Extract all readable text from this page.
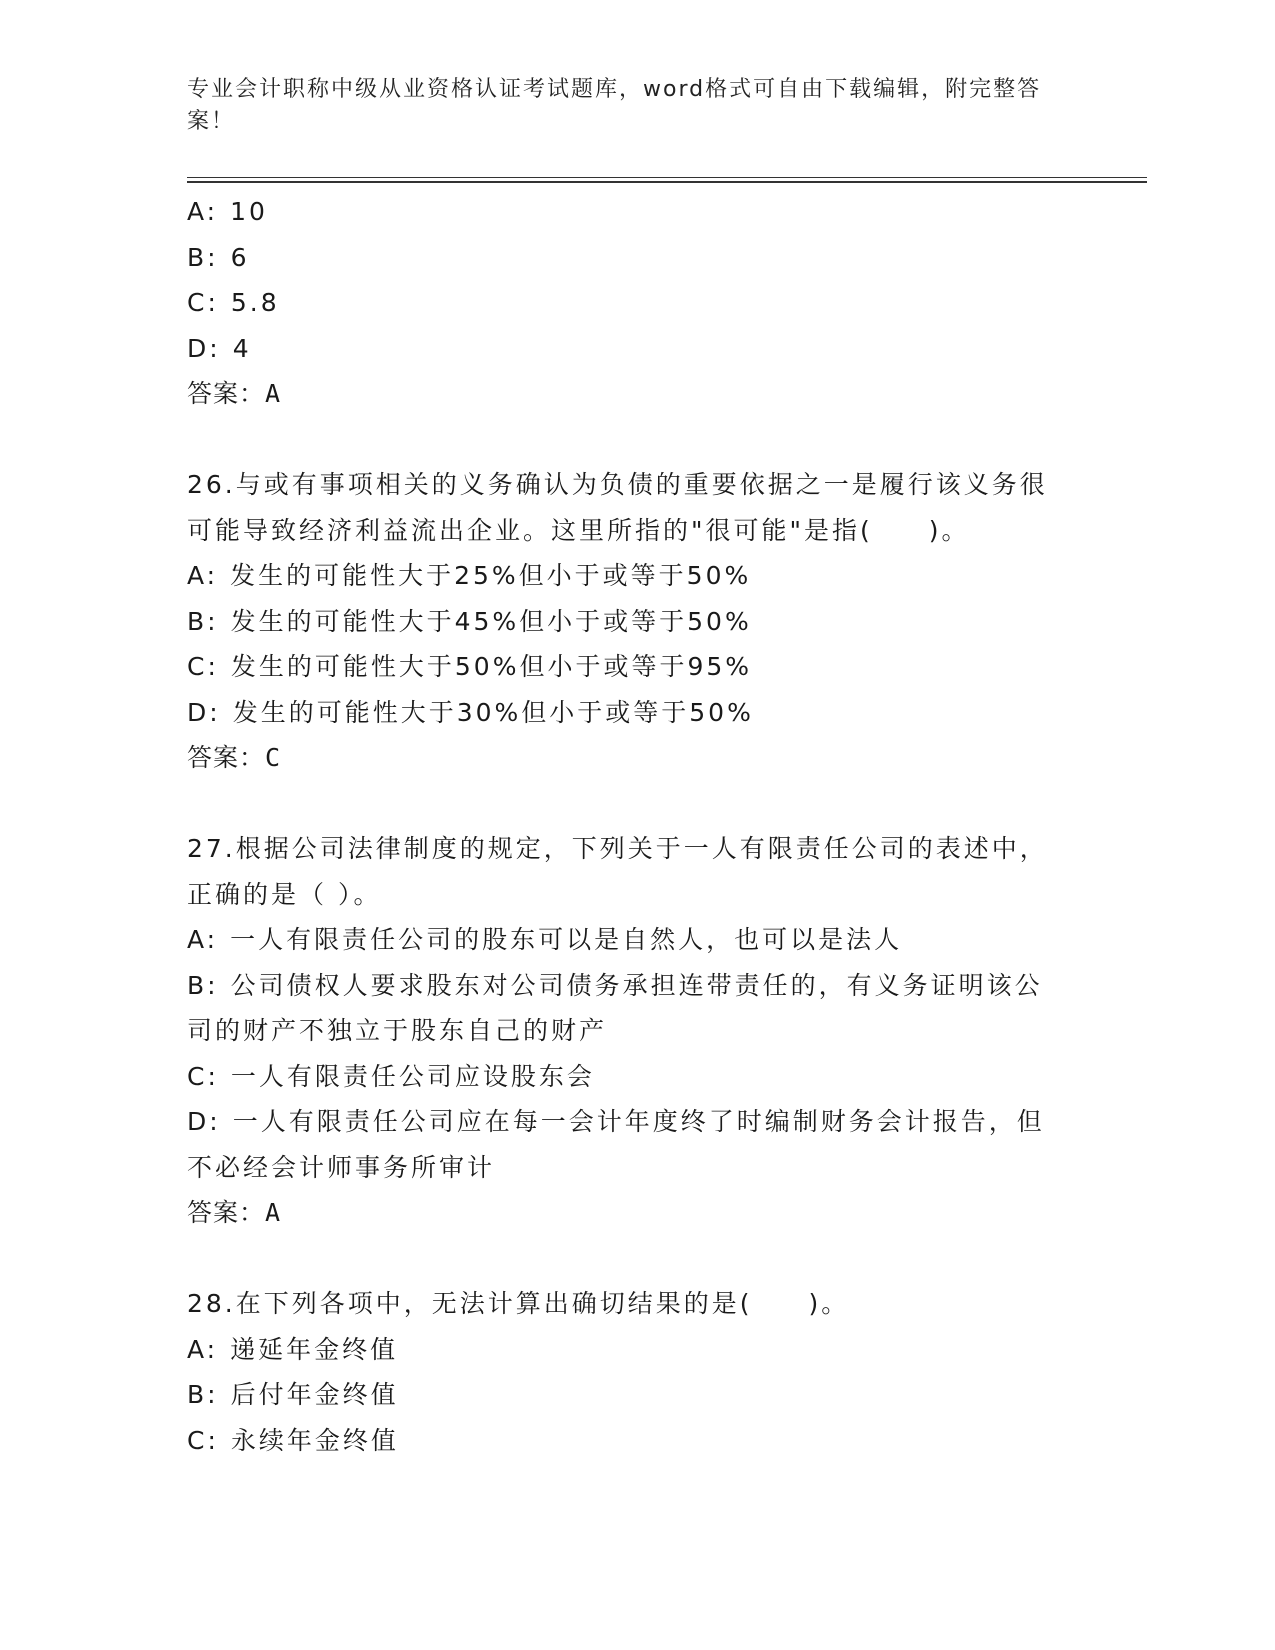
专业会计职称中级从业资格认证考试题库，word格式可自由下载编辑，附完整答案！
A: 10
B: 6
C: 5.8
D: 4
答案：A
26.与或有事项相关的义务确认为负债的重要依据之一是履行该义务很
可能导致经济利益流出企业。这里所指的"很可能"是指(　　)。
A: 发生的可能性大于25%但小于或等于50%
B: 发生的可能性大于45%但小于或等于50%
C: 发生的可能性大于50%但小于或等于95%
D: 发生的可能性大于30%但小于或等于50%
答案：C
27.根据公司法律制度的规定，下列关于一人有限责任公司的表述中，
正确的是（ ）。
A: 一人有限责任公司的股东可以是自然人，也可以是法人
B: 公司债权人要求股东对公司债务承担连带责任的，有义务证明该公
司的财产不独立于股东自己的财产
C: 一人有限责任公司应设股东会
D: 一人有限责任公司应在每一会计年度终了时编制财务会计报告，但
不必经会计师事务所审计
答案：A
28.在下列各项中，无法计算出确切结果的是(　　)。
A: 递延年金终值
B: 后付年金终值
C: 永续年金终值
